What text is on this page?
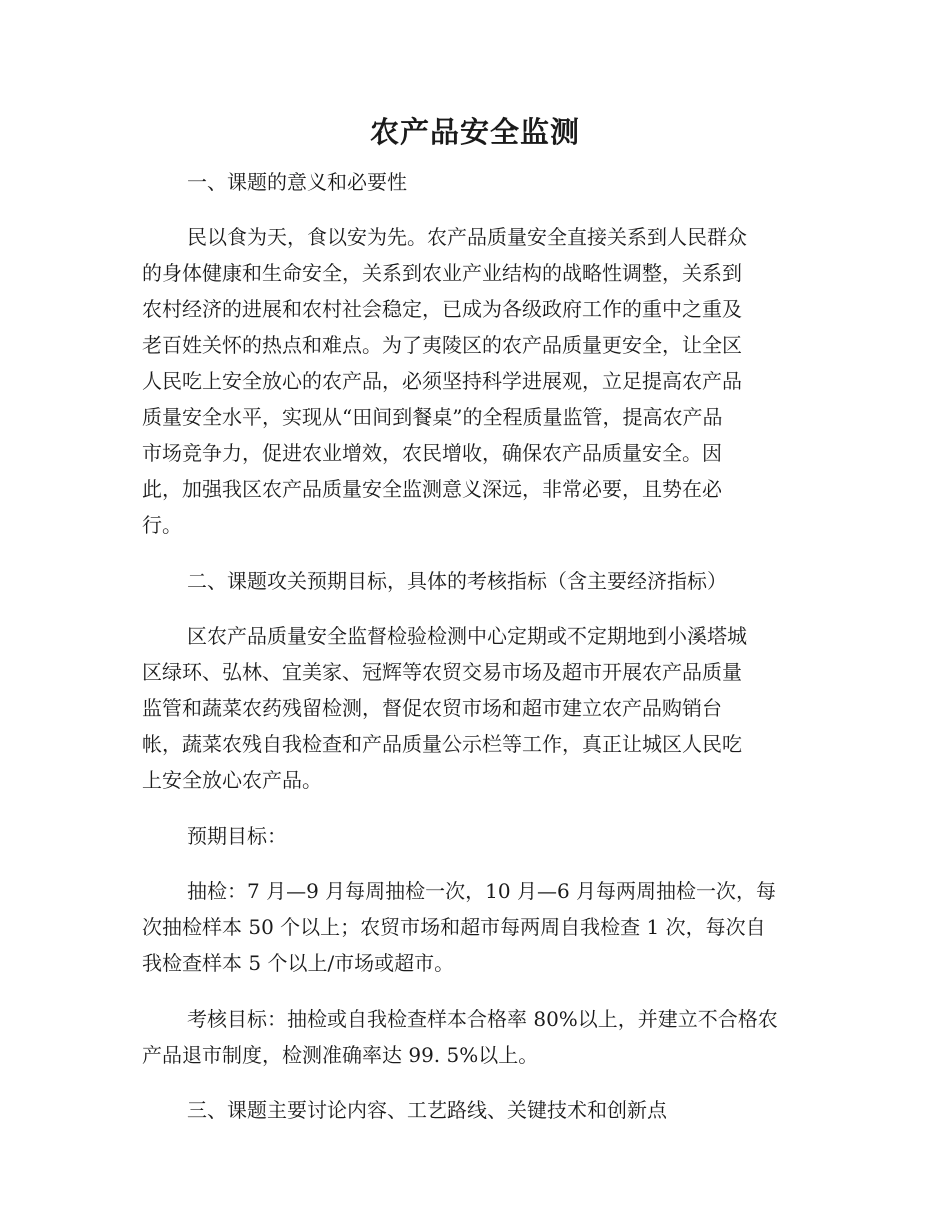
农产品安全监测

一、课题的意义和必要性

民以食为天，食以安为先。农产品质量安全直接关系到人民群众

的身体健康和生命安全，关系到农业产业结构的战略性调整，关系到

农村经济的进展和农村社会稳定，已成为各级政府工作的重中之重及

老百姓关怀的热点和难点。为了夷陵区的农产品质量更安全，让全区

人民吃上安全放心的农产品，必须坚持科学进展观，立足提高农产品

质量安全水平，实现从“田间到餐桌”的全程质量监管，提高农产品

市场竞争力，促进农业增效，农民增收，确保农产品质量安全。因

此，加强我区农产品质量安全监测意义深远，非常必要，且势在必

行。

二、课题攻关预期目标，具体的考核指标（含主要经济指标）

区农产品质量安全监督检验检测中心定期或不定期地到小溪塔城

区绿环、弘林、宜美家、冠辉等农贸交易市场及超市开展农产品质量

监管和蔬菜农药残留检测，督促农贸市场和超市建立农产品购销台

帐，蔬菜农残自我检查和产品质量公示栏等工作，真正让城区人民吃

上安全放心农产品。

预期目标：

抽检：7 月—9 月每周抽检一次，10 月—6 月每两周抽检一次，每

次抽检样本 50 个以上；农贸市场和超市每两周自我检查 1 次，每次自

我检查样本 5 个以上/市场或超市。

考核目标：抽检或自我检查样本合格率 80%以上，并建立不合格农

产品退市制度，检测准确率达 99. 5%以上。

三、课题主要讨论内容、工艺路线、关键技术和创新点
